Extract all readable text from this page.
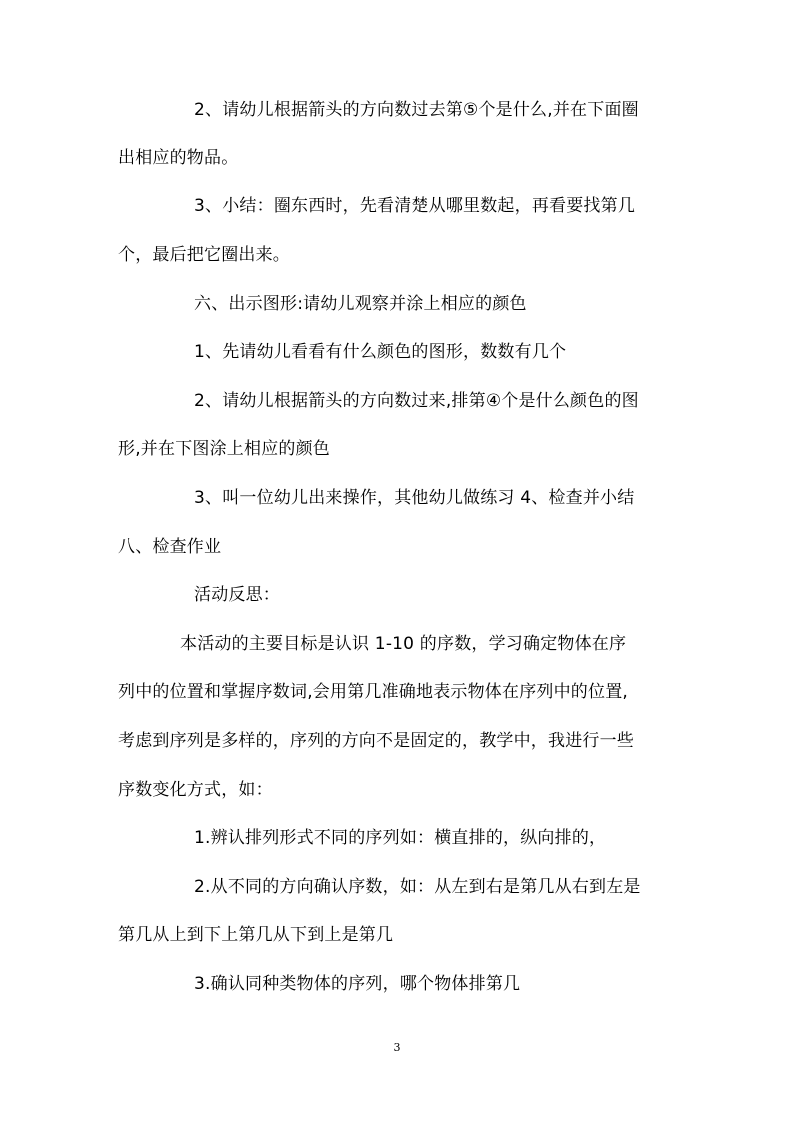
2、请幼儿根据箭头的方向数过去第⑤个是什么,并在下面圈
出相应的物品。
3、小结：圈东西时，先看清楚从哪里数起，再看要找第几
个，最后把它圈出来。
六、出示图形:请幼儿观察并涂上相应的颜色
1、先请幼儿看看有什么颜色的图形，数数有几个
2、请幼儿根据箭头的方向数过来,排第④个是什么颜色的图
形,并在下图涂上相应的颜色
3、叫一位幼儿出来操作，其他幼儿做练习 4、检查并小结
八、检查作业
活动反思：
本活动的主要目标是认识 1-10 的序数，学习确定物体在序
列中的位置和掌握序数词,会用第几准确地表示物体在序列中的位置,
考虑到序列是多样的，序列的方向不是固定的，教学中，我进行一些
序数变化方式，如：
1.辨认排列形式不同的序列如：横直排的，纵向排的，
2.从不同的方向确认序数，如：从左到右是第几从右到左是
第几从上到下上第几从下到上是第几
3.确认同种类物体的序列，哪个物体排第几
3
